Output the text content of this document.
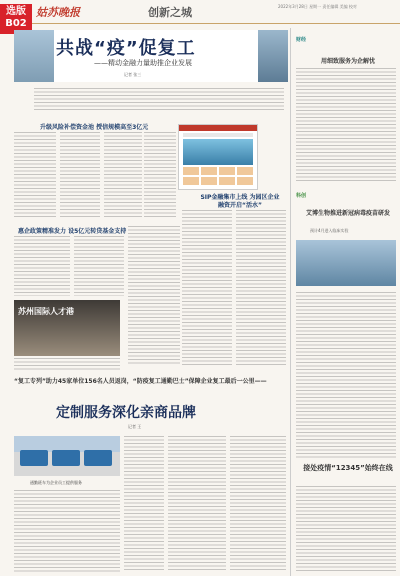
选版
B02
姑苏晚报	创新之城	2022年3月28日 星期一 责任编辑 美编 校对
共战“疫”促复工
——精动金融力量助推企业发展
记者 张三
升级风险补偿资金池 授信规模高至3亿元
SIP金融集市上线 为园区企业融资开启“活水”
惠企政策精准发力 设5亿元转贷基金支持
苏州国际人才港
“复工专列”助力45家单位156名人员返岗，“防疫复工通勤巴士”保障企业复工最后一公里——
定制服务深化亲商品牌
记者 王
通勤班车为企业员工提供服务
财经
用细致服务为企解忧
科创
艾博生物推进新冠病毒疫苗研发
预计4月进入临床实验
接处疫情“12345”始终在线
